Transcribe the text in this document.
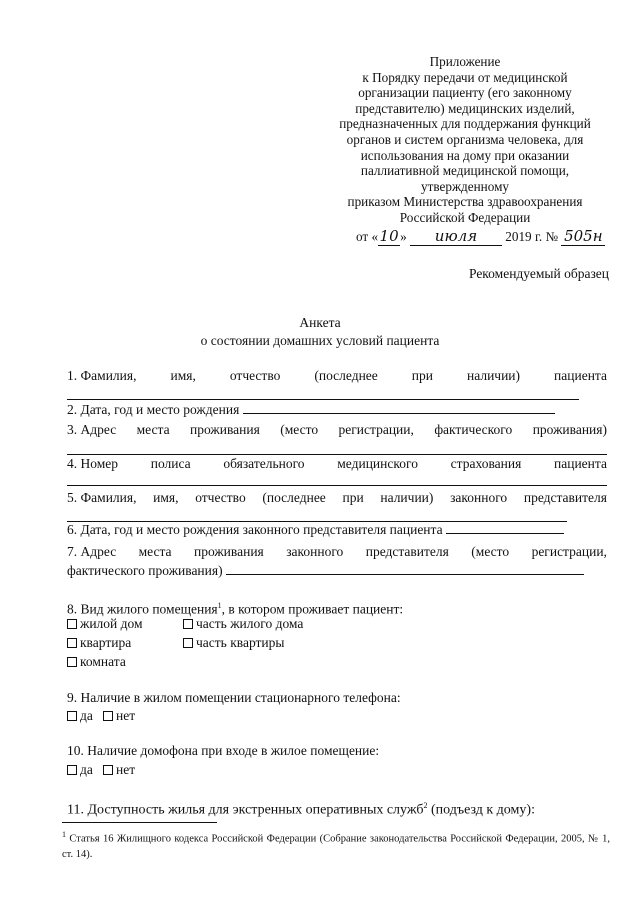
Приложение
к Порядку передачи от медицинской
организации пациенту (его законному
представителю) медицинских изделий,
предназначенных для поддержания функций
органов и систем организма человека, для
использования на дому при оказании
паллиативной медицинской помощи,
утвержденному
приказом Министерства здравоохранения
Российской Федерации
от «10» июля 2019 г. № 505н
Рекомендуемый образец
Анкета
о состоянии домашних условий пациента
1. Фамилия,	имя,	отчество	(последнее	при	наличии)	пациента
2. Дата, год и место рождения
3. Адрес места проживания (место регистрации, фактического проживания)
4. Номер полиса обязательного медицинского страхования пациента
5. Фамилия, имя, отчество (последнее при наличии) законного представителя
6. Дата, год и место рождения законного представителя пациента
7. Адрес места проживания законного представителя (место регистрации,
фактического проживания)
8. Вид жилого помещения$^1$, в котором проживает пациент:
жилой дом	часть жилого дома
квартира	часть квартиры
комната
9. Наличие в жилом помещении стационарного телефона:
да нет
10. Наличие домофона при входе в жилое помещение:
да нет
11. Доступность жилья для экстренных оперативных служб$^2$ (подъезд к дому):
$^1$ Статья 16 Жилищного кодекса Российской Федерации (Собрание законодательства Российской Федерации, 2005, № 1, ст. 14).
